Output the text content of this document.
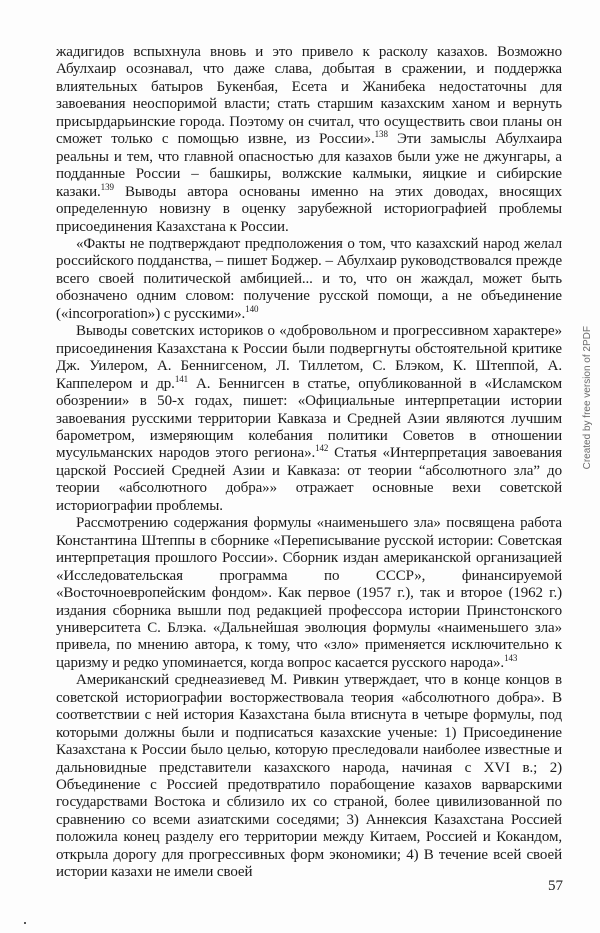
жадигидов вспыхнула вновь и это привело к расколу казахов. Возможно Абулхаир осознавал, что даже слава, добытая в сражении, и поддержка влиятельных батыров Букенбая, Есета и Жанибека недостаточны для завоевания неоспоримой власти; стать старшим казахским ханом и вернуть присырдарьинские города. Поэтому он считал, что осуществить свои планы он сможет только с помощью извне, из России».$^{138}$ Эти замыслы Абулхаира реальны и тем, что главной опасностью для казахов были уже не джунгары, а подданные России – башкиры, волжские калмыки, яицкие и сибирские казаки.$^{139}$ Выводы автора основаны именно на этих доводах, вносящих определенную новизну в оценку зарубежной историографией проблемы присоединения Казахстана к России.

«Факты не подтверждают предположения о том, что казахский народ желал российского подданства, – пишет Боджер. – Абулхаир руководствовался прежде всего своей политической амбицией... и то, что он жаждал, может быть обозначено одним словом: получение русской помощи, а не объединение («incorporation») с русскими».$^{140}$

Выводы советских историков о «добровольном и прогрессивном характере» присоединения Казахстана к России были подвергнуты обстоятельной критике Дж. Уилером, А. Беннигсеном, Л. Тиллетом, С. Блэком, К. Штеппой, А. Каппелером и др.$^{141}$ А. Беннигсен в статье, опубликованной в «Исламском обозрении» в 50-х годах, пишет: «Официальные интерпретации истории завоевания русскими территории Кавказа и Средней Азии являются лучшим барометром, измеряющим колебания политики Советов в отношении мусульманских народов этого региона».$^{142}$ Статья «Интерпретация завоевания царской Россией Средней Азии и Кавказа: от теории “абсолютного зла” до теории «абсолютного добра»» отражает основные вехи советской историографии проблемы.

Рассмотрению содержания формулы «наименьшего зла» посвящена работа Константина Штеппы в сборнике «Переписывание русской истории: Советская интерпретация прошлого России». Сборник издан американской организацией «Исследовательская программа по СССР», финансируемой «Восточноевропейским фондом». Как первое (1957 г.), так и второе (1962 г.) издания сборника вышли под редакцией профессора истории Принстонского университета С. Блэка. «Дальнейшая эволюция формулы «наименьшего зла» привела, по мнению автора, к тому, что «зло» применяется исключительно к царизму и редко упоминается, когда вопрос касается русского народа».$^{143}$

Американский среднеазиевед М. Ривкин утверждает, что в конце концов в советской историографии восторжествовала теория «абсолютного добра». В соответствии с ней история Казахстана была втиснута в четыре формулы, под которыми должны были и подписаться казахские ученые: 1) Присоединение Казахстана к России было целью, которую преследовали наиболее известные и дальновидные представители казахского народа, начиная с XVI в.; 2) Объединение с Россией предотвратило порабощение казахов варварскими государствами Востока и сблизило их со страной, более цивилизованной по сравнению со всеми азиатскими соседями; 3) Аннексия Казахстана Россией положила конец разделу его территории между Китаем, Россией и Кокандом, открыла дорогу для прогрессивных форм экономики; 4) В течение всей своей истории казахи не имели своей

57
Created by free version of 2PDF
